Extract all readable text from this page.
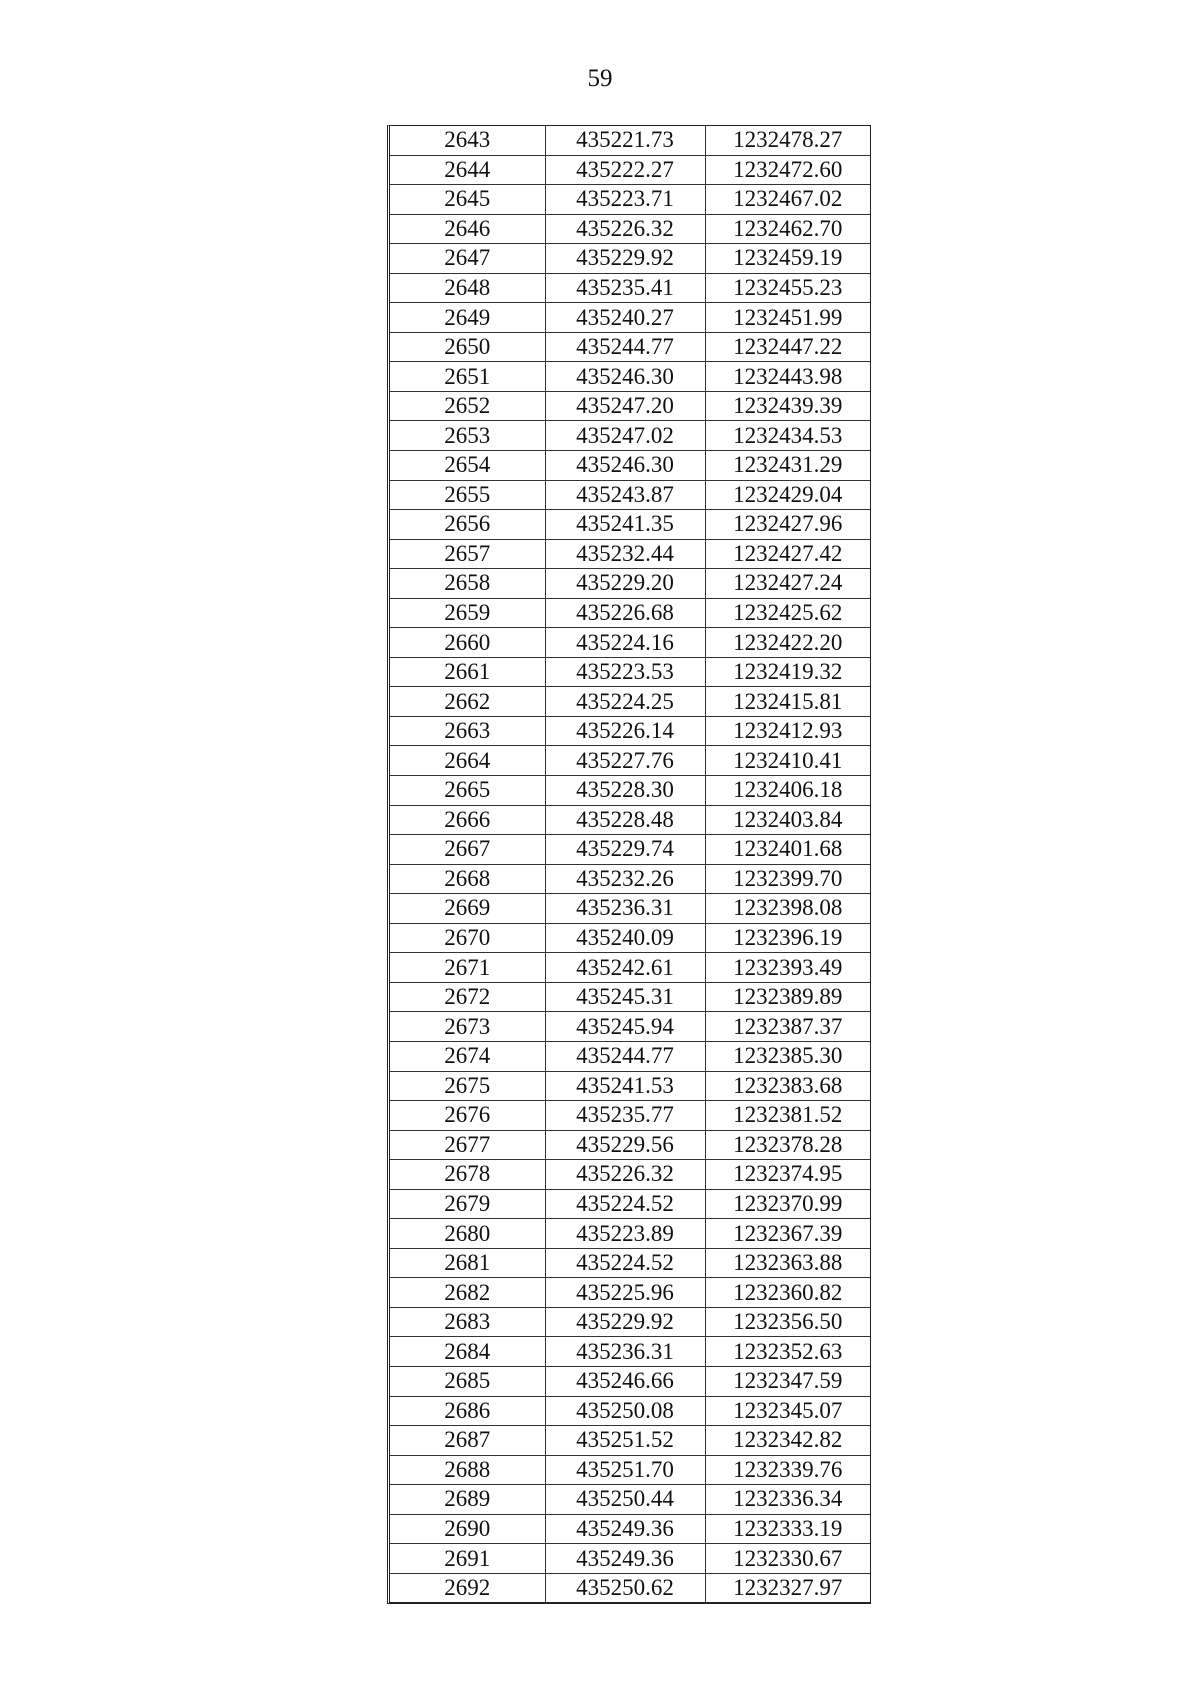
59
2643	435221.73	1232478.27
2644	435222.27	1232472.60
2645	435223.71	1232467.02
2646	435226.32	1232462.70
2647	435229.92	1232459.19
2648	435235.41	1232455.23
2649	435240.27	1232451.99
2650	435244.77	1232447.22
2651	435246.30	1232443.98
2652	435247.20	1232439.39
2653	435247.02	1232434.53
2654	435246.30	1232431.29
2655	435243.87	1232429.04
2656	435241.35	1232427.96
2657	435232.44	1232427.42
2658	435229.20	1232427.24
2659	435226.68	1232425.62
2660	435224.16	1232422.20
2661	435223.53	1232419.32
2662	435224.25	1232415.81
2663	435226.14	1232412.93
2664	435227.76	1232410.41
2665	435228.30	1232406.18
2666	435228.48	1232403.84
2667	435229.74	1232401.68
2668	435232.26	1232399.70
2669	435236.31	1232398.08
2670	435240.09	1232396.19
2671	435242.61	1232393.49
2672	435245.31	1232389.89
2673	435245.94	1232387.37
2674	435244.77	1232385.30
2675	435241.53	1232383.68
2676	435235.77	1232381.52
2677	435229.56	1232378.28
2678	435226.32	1232374.95
2679	435224.52	1232370.99
2680	435223.89	1232367.39
2681	435224.52	1232363.88
2682	435225.96	1232360.82
2683	435229.92	1232356.50
2684	435236.31	1232352.63
2685	435246.66	1232347.59
2686	435250.08	1232345.07
2687	435251.52	1232342.82
2688	435251.70	1232339.76
2689	435250.44	1232336.34
2690	435249.36	1232333.19
2691	435249.36	1232330.67
2692	435250.62	1232327.97
